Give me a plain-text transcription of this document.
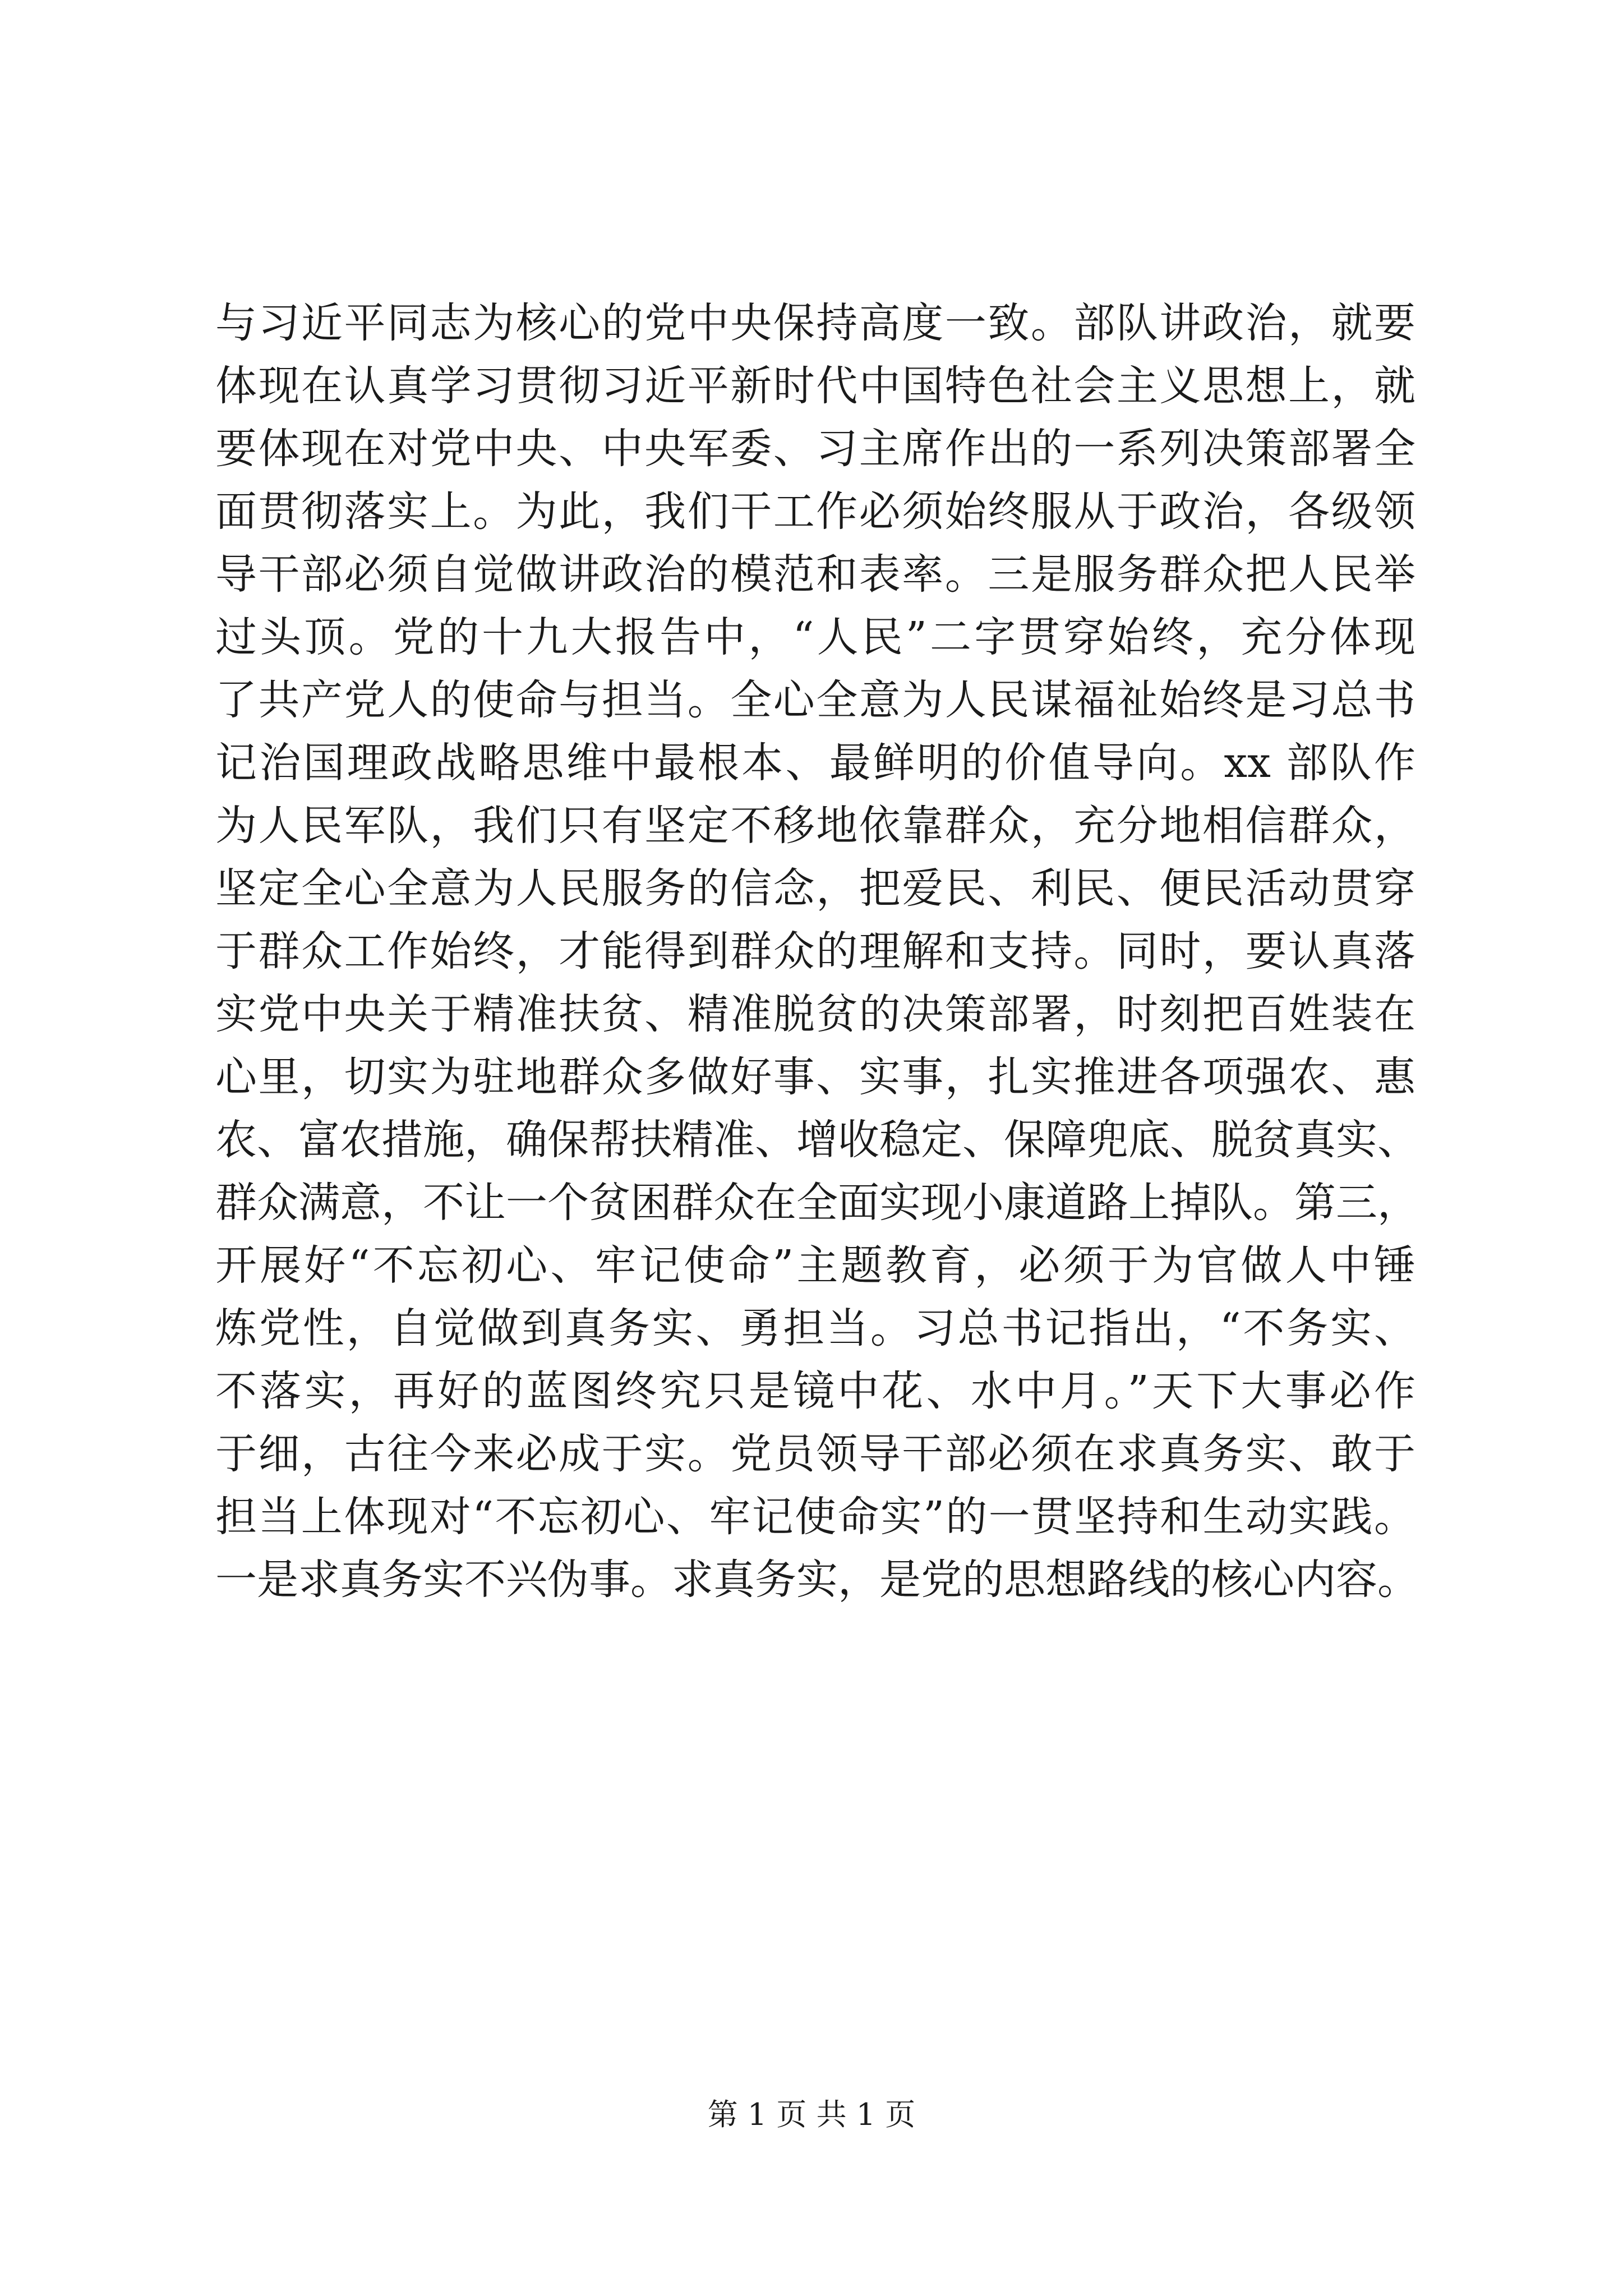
与习近平同志为核心的党中央保持高度一致。部队讲政治，就要
体现在认真学习贯彻习近平新时代中国特色社会主义思想上，就
要体现在对党中央、中央军委、习主席作出的一系列决策部署全
面贯彻落实上。为此，我们干工作必须始终服从于政治，各级领
导干部必须自觉做讲政治的模范和表率。三是服务群众把人民举
过头顶。党的十九大报告中，“人民”二字贯穿始终，充分体现
了共产党人的使命与担当。全心全意为人民谋福祉始终是习总书
记治国理政战略思维中最根本、最鲜明的价值导向。xx 部队作
为人民军队，我们只有坚定不移地依靠群众，充分地相信群众，
坚定全心全意为人民服务的信念，把爱民、利民、便民活动贯穿
于群众工作始终，才能得到群众的理解和支持。同时，要认真落
实党中央关于精准扶贫、精准脱贫的决策部署，时刻把百姓装在
心里，切实为驻地群众多做好事、实事，扎实推进各项强农、惠
农、富农措施，确保帮扶精准、增收稳定、保障兜底、脱贫真实、
群众满意，不让一个贫困群众在全面实现小康道路上掉队。第三，
开展好“不忘初心、牢记使命”主题教育，必须于为官做人中锤
炼党性，自觉做到真务实、勇担当。习总书记指出，“不务实、
不落实，再好的蓝图终究只是镜中花、水中月。”天下大事必作
于细，古往今来必成于实。党员领导干部必须在求真务实、敢于
担当上体现对“不忘初心、牢记使命实”的一贯坚持和生动实践。
一是求真务实不兴伪事。求真务实，是党的思想路线的核心内容。
第 1 页 共 1 页
